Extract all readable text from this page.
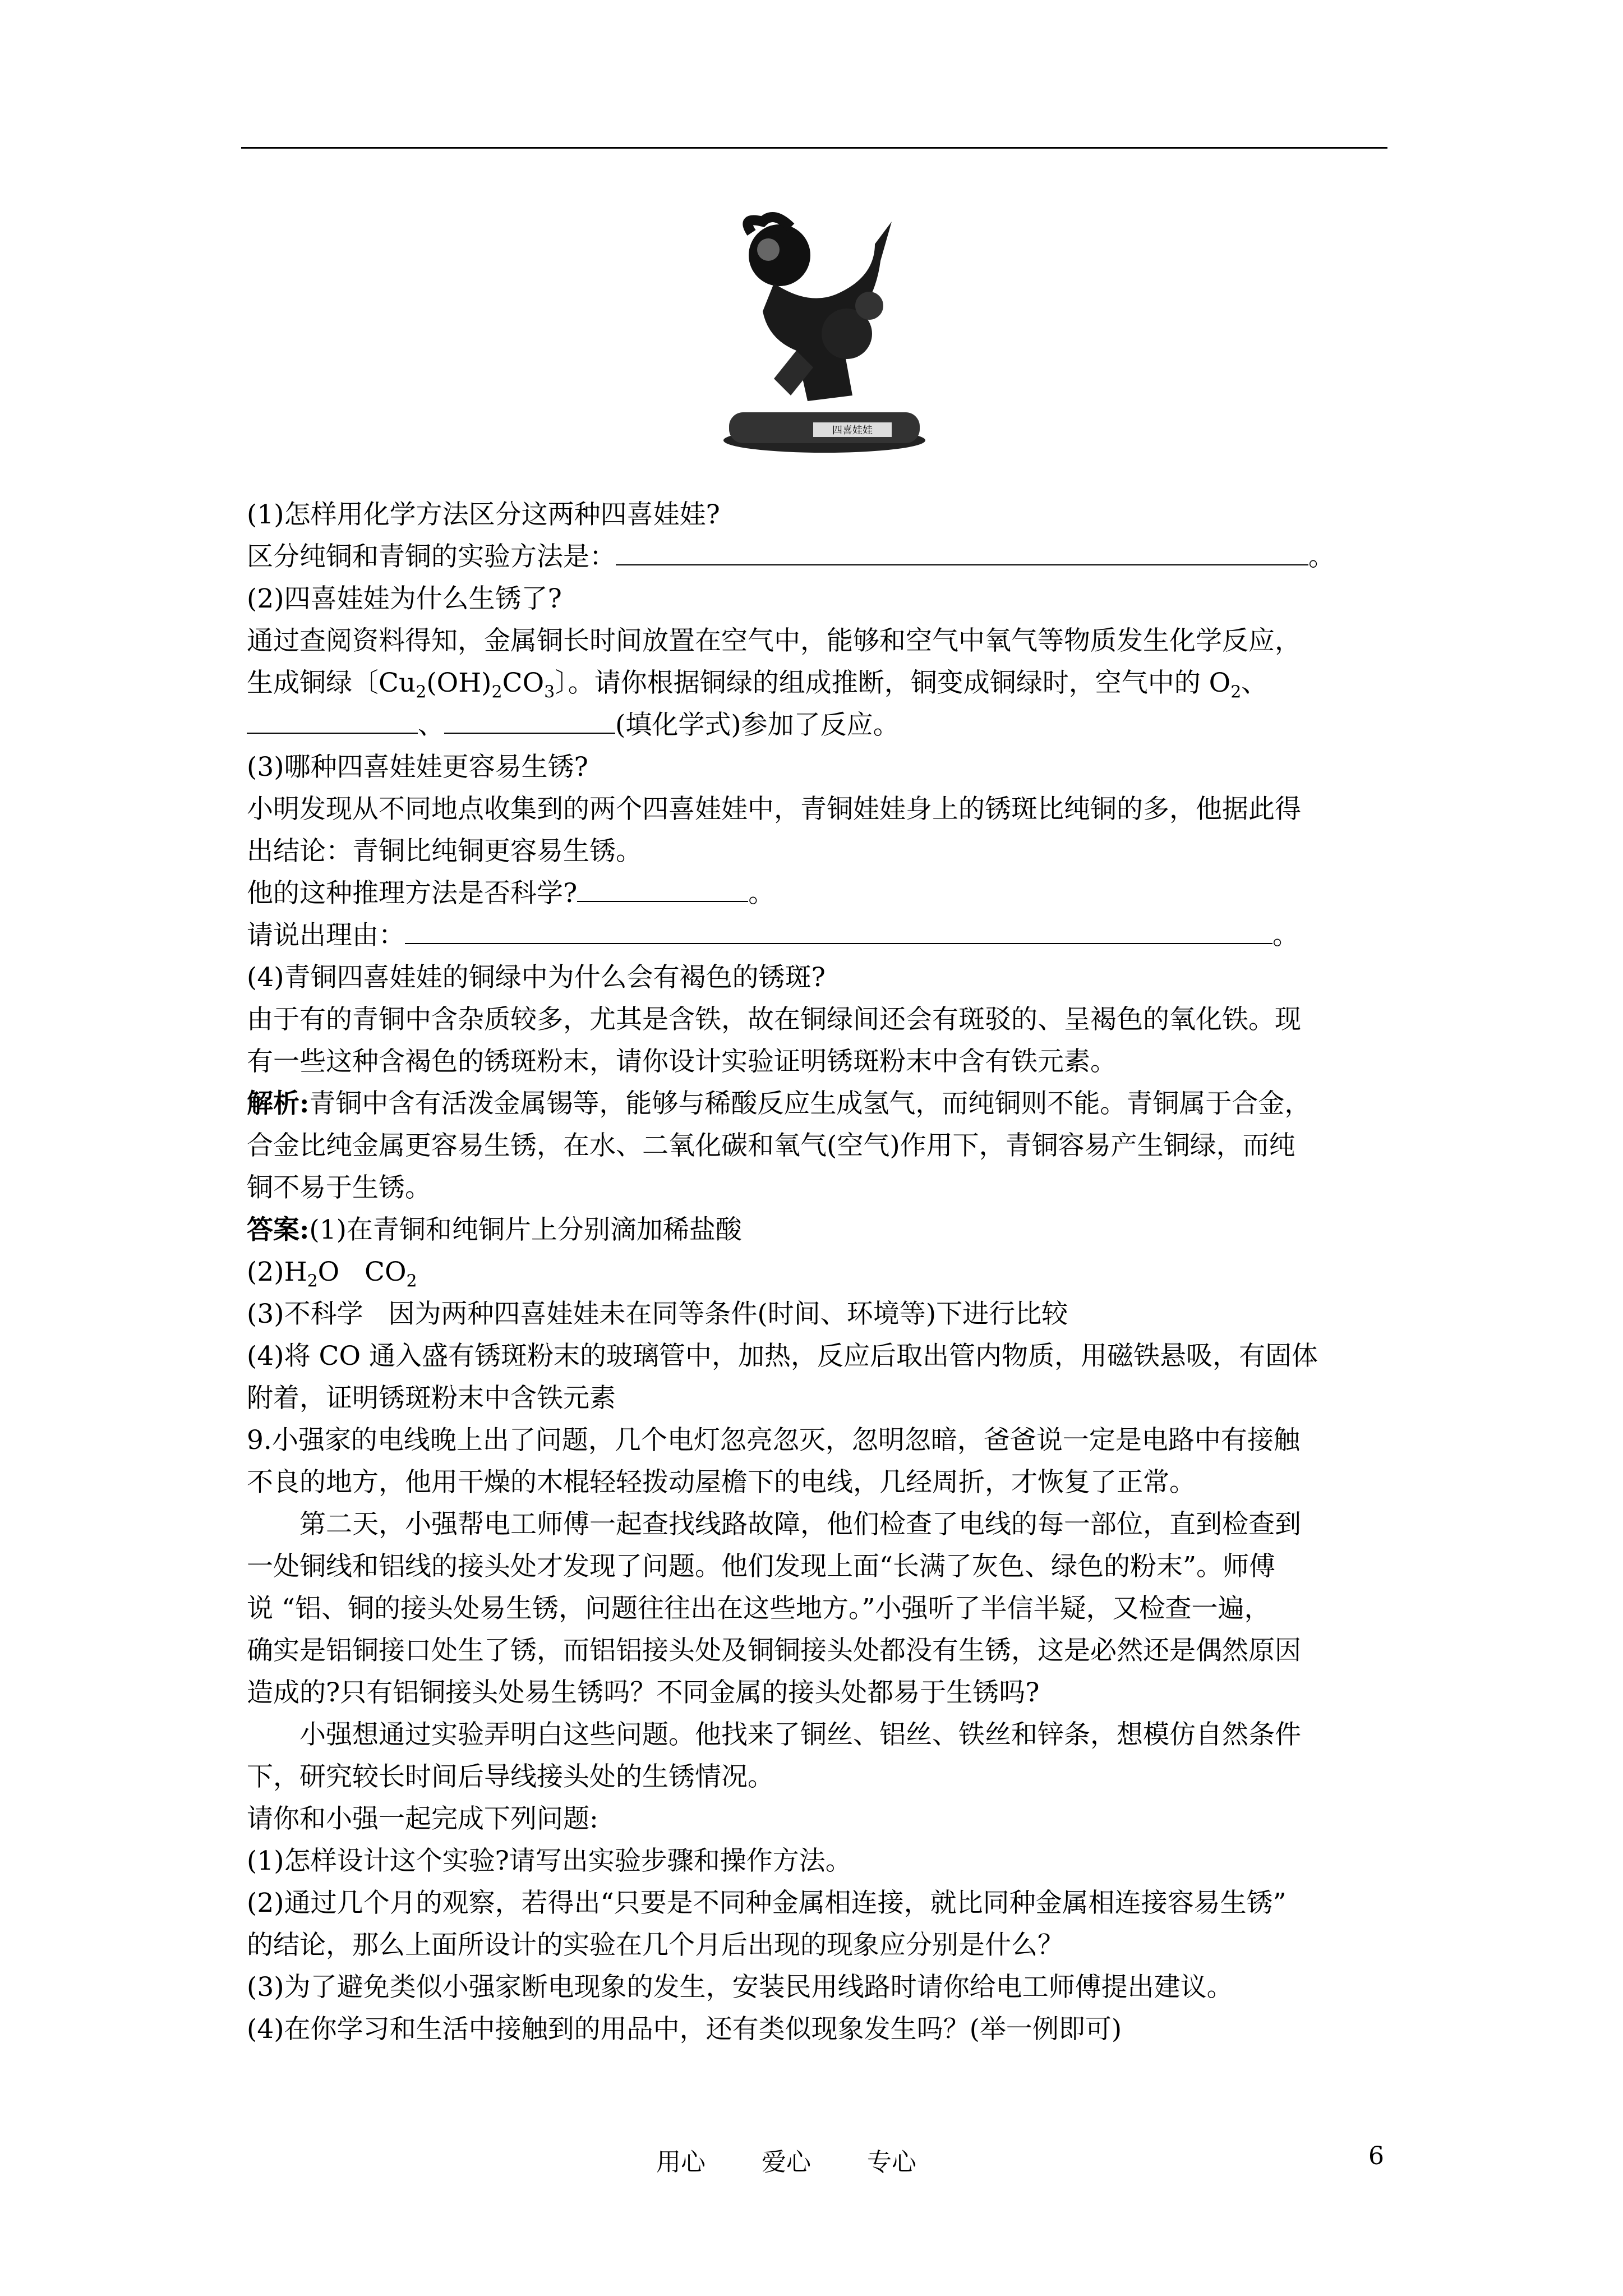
四喜娃娃
(1)怎样用化学方法区分这两种四喜娃娃?
区分纯铜和青铜的实验方法是：	。
(2)四喜娃娃为什么生锈了?
通过查阅资料得知，金属铜长时间放置在空气中，能够和空气中氧气等物质发生化学反应，
生成铜绿〔$Cu_2(OH)_2CO_3$〕。请你根据铜绿的组成推断，铜变成铜绿时，空气中的 $O_2$、
、	(填化学式)参加了反应。
(3)哪种四喜娃娃更容易生锈?
小明发现从不同地点收集到的两个四喜娃娃中，青铜娃娃身上的锈斑比纯铜的多，他据此得
出结论：青铜比纯铜更容易生锈。
他的这种推理方法是否科学?	。
请说出理由：	。
(4)青铜四喜娃娃的铜绿中为什么会有褐色的锈斑?
由于有的青铜中含杂质较多，尤其是含铁，故在铜绿间还会有斑驳的、呈褐色的氧化铁。现
有一些这种含褐色的锈斑粉末，请你设计实验证明锈斑粉末中含有铁元素。
解析:青铜中含有活泼金属锡等，能够与稀酸反应生成氢气，而纯铜则不能。青铜属于合金，
合金比纯金属更容易生锈，在水、二氧化碳和氧气(空气)作用下，青铜容易产生铜绿，而纯
铜不易于生锈。
答案:(1)在青铜和纯铜片上分别滴加稀盐酸
$(2)H_2O$   $CO_2$
(3)不科学   因为两种四喜娃娃未在同等条件(时间、环境等)下进行比较
(4)将 CO 通入盛有锈斑粉末的玻璃管中，加热，反应后取出管内物质，用磁铁悬吸，有固体
附着，证明锈斑粉末中含铁元素
9.小强家的电线晚上出了问题，几个电灯忽亮忽灭，忽明忽暗，爸爸说一定是电路中有接触
不良的地方，他用干燥的木棍轻轻拨动屋檐下的电线，几经周折，才恢复了正常。
第二天，小强帮电工师傅一起查找线路故障，他们检查了电线的每一部位，直到检查到
一处铜线和铝线的接头处才发现了问题。他们发现上面“长满了灰色、绿色的粉末”。师傅
说 “铝、铜的接头处易生锈，问题往往出在这些地方。”小强听了半信半疑，又检查一遍，
确实是铝铜接口处生了锈，而铝铝接头处及铜铜接头处都没有生锈，这是必然还是偶然原因
造成的?只有铝铜接头处易生锈吗？不同金属的接头处都易于生锈吗?
小强想通过实验弄明白这些问题。他找来了铜丝、铝丝、铁丝和锌条，想模仿自然条件
下，研究较长时间后导线接头处的生锈情况。
请你和小强一起完成下列问题:
(1)怎样设计这个实验?请写出实验步骤和操作方法。
(2)通过几个月的观察，若得出“只要是不同种金属相连接，就比同种金属相连接容易生锈”
的结论，那么上面所设计的实验在几个月后出现的现象应分别是什么？
(3)为了避免类似小强家断电现象的发生，安装民用线路时请你给电工师傅提出建议。
(4)在你学习和生活中接触到的用品中，还有类似现象发生吗？(举一例即可)
用心 爱心 专心	6
